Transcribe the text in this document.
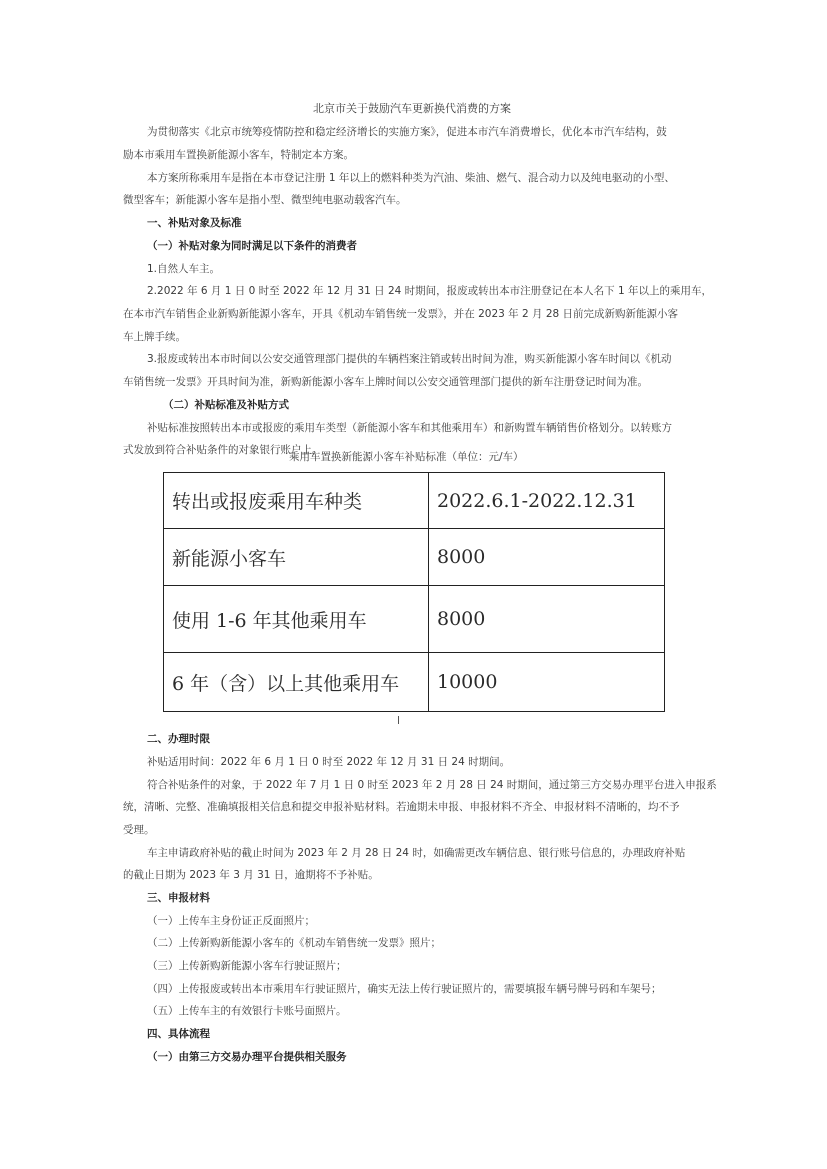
北京市关于鼓励汽车更新换代消费的方案
为贯彻落实《北京市统筹疫情防控和稳定经济增长的实施方案》，促进本市汽车消费增长，优化本市汽车结构，鼓
励本市乘用车置换新能源小客车，特制定本方案。
本方案所称乘用车是指在本市登记注册 1 年以上的燃料种类为汽油、柴油、燃气、混合动力以及纯电驱动的小型、
微型客车；新能源小客车是指小型、微型纯电驱动载客汽车。
一、补贴对象及标准
（一）补贴对象为同时满足以下条件的消费者
1.自然人车主。
2.2022 年 6 月 1 日 0 时至 2022 年 12 月 31 日 24 时期间，报废或转出本市注册登记在本人名下 1 年以上的乘用车，
在本市汽车销售企业新购新能源小客车，开具《机动车销售统一发票》，并在 2023 年 2 月 28 日前完成新购新能源小客
车上牌手续。
3.报废或转出本市时间以公安交通管理部门提供的车辆档案注销或转出时间为准，购买新能源小客车时间以《机动
车销售统一发票》开具时间为准，新购新能源小客车上牌时间以公安交通管理部门提供的新车注册登记时间为准。
（二）补贴标准及补贴方式
补贴标准按照转出本市或报废的乘用车类型（新能源小客车和其他乘用车）和新购置车辆销售价格划分。以转账方
式发放到符合补贴条件的对象银行账户上。
乘用车置换新能源小客车补贴标准（单位：元/车）
转出或报废乘用车种类	2022.6.1-2022.12.31
新能源小客车	8000
使用 1-6 年其他乘用车	8000
6 年（含）以上其他乘用车	10000
二、办理时限
补贴适用时间：2022 年 6 月 1 日 0 时至 2022 年 12 月 31 日 24 时期间。
符合补贴条件的对象，于 2022 年 7 月 1 日 0 时至 2023 年 2 月 28 日 24 时期间，通过第三方交易办理平台进入申报系
统，清晰、完整、准确填报相关信息和提交申报补贴材料。若逾期未申报、申报材料不齐全、申报材料不清晰的，均不予
受理。
车主申请政府补贴的截止时间为 2023 年 2 月 28 日 24 时，如确需更改车辆信息、银行账号信息的，办理政府补贴
的截止日期为 2023 年 3 月 31 日，逾期将不予补贴。
三、申报材料
（一）上传车主身份证正反面照片；
（二）上传新购新能源小客车的《机动车销售统一发票》照片；
（三）上传新购新能源小客车行驶证照片；
（四）上传报废或转出本市乘用车行驶证照片，确实无法上传行驶证照片的，需要填报车辆号牌号码和车架号；
（五）上传车主的有效银行卡账号面照片。
四、具体流程
（一）由第三方交易办理平台提供相关服务
